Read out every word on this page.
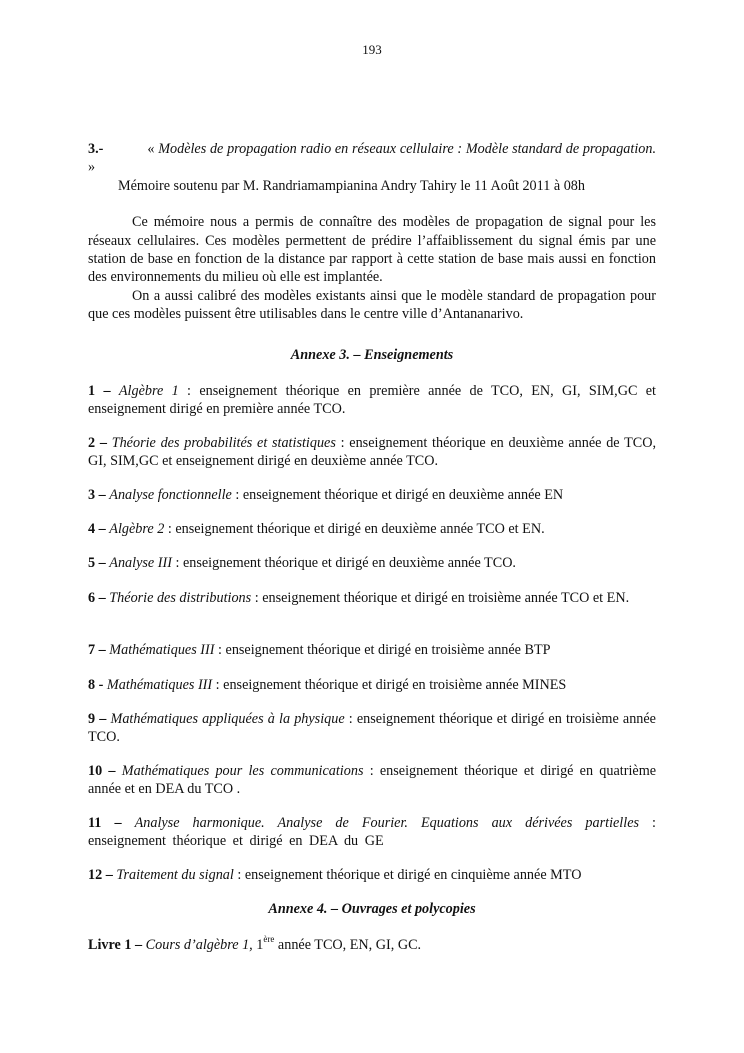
193

3.-	« Modèles de propagation radio en réseaux cellulaire : Modèle standard de propagation. »

Mémoire soutenu par M. Randriamampianina Andry Tahiry le 11 Août 2011 à 08h

Ce mémoire nous a permis de connaître des modèles de propagation de signal pour les réseaux cellulaires. Ces modèles permettent de prédire l’affaiblissement du signal émis par une station de base en fonction de la distance par rapport à cette station de base mais aussi en fonction des environnements du milieu où elle est implantée.

On a aussi calibré des modèles existants ainsi que le modèle standard de propagation pour que ces modèles puissent être utilisables dans le centre ville d’Antananarivo.

Annexe 3. – Enseignements

1 – Algèbre 1 : enseignement théorique en première année de TCO, EN, GI, SIM,GC et enseignement dirigé en première année TCO.

2 – Théorie des probabilités et statistiques : enseignement théorique en deuxième année de TCO, GI, SIM,GC et enseignement dirigé en deuxième année TCO.

3 – Analyse fonctionnelle : enseignement théorique et dirigé en deuxième année EN

4 – Algèbre 2 : enseignement théorique et dirigé en deuxième année TCO et EN.

5 – Analyse III : enseignement théorique et dirigé en deuxième année TCO.

6 – Théorie des distributions : enseignement théorique et dirigé en troisième année TCO et EN.

7 – Mathématiques III : enseignement théorique et dirigé en troisième année BTP

8 - Mathématiques III : enseignement théorique et dirigé en troisième année MINES

9 – Mathématiques appliquées à la physique : enseignement théorique et dirigé en troisième année TCO.

10 – Mathématiques pour les communications : enseignement théorique et dirigé en quatrième année et en DEA du TCO .

11 – Analyse harmonique. Analyse de Fourier. Equations aux dérivées partielles : enseignement théorique et dirigé en DEA du GE

12 – Traitement du signal : enseignement théorique et dirigé en cinquième année MTO

Annexe 4. – Ouvrages et polycopies

Livre 1 – Cours d’algèbre 1, 1ère année TCO, EN, GI, GC.
